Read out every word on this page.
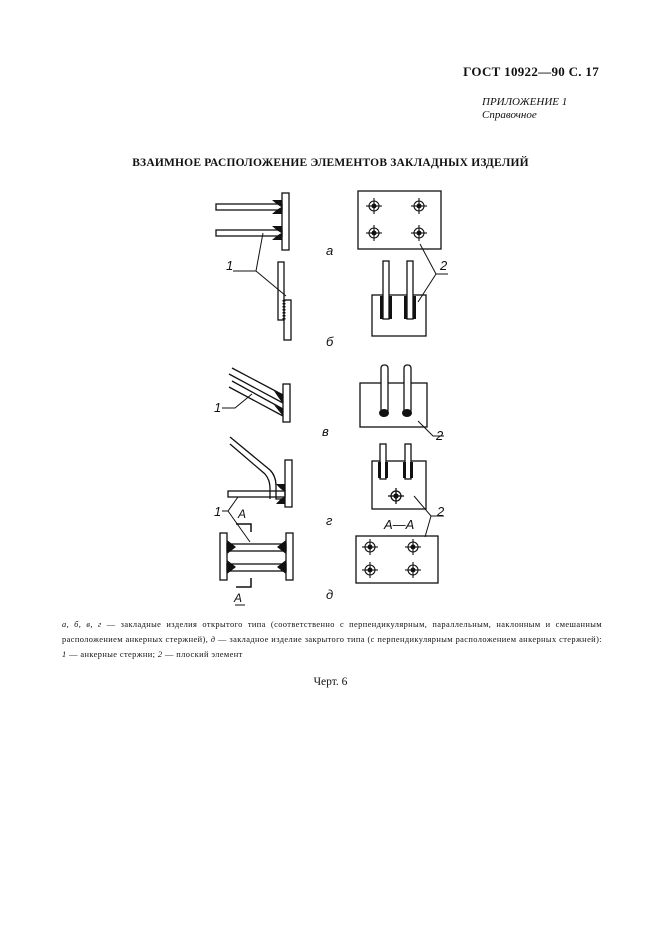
ГОСТ 10922—90 С. 17
ПРИЛОЖЕНИЕ 1
Справочное
ВЗАИМНОЕ РАСПОЛОЖЕНИЕ ЭЛЕМЕНТОВ ЗАКЛАДНЫХ ИЗДЕЛИЙ
а
1	2
б
1
2
в
1	2
г	А—А
А
А	д
а, б, в, г — закладные изделия открытого типа (соответственно с перпендикулярным, параллельным, наклонным и смешанным расположением анкерных стержней), д — закладное изделие закрытого типа (с перпендикулярным расположением анкерных стержней): 1 — анкерные стержни; 2 — плоский элемент
Черт. 6
